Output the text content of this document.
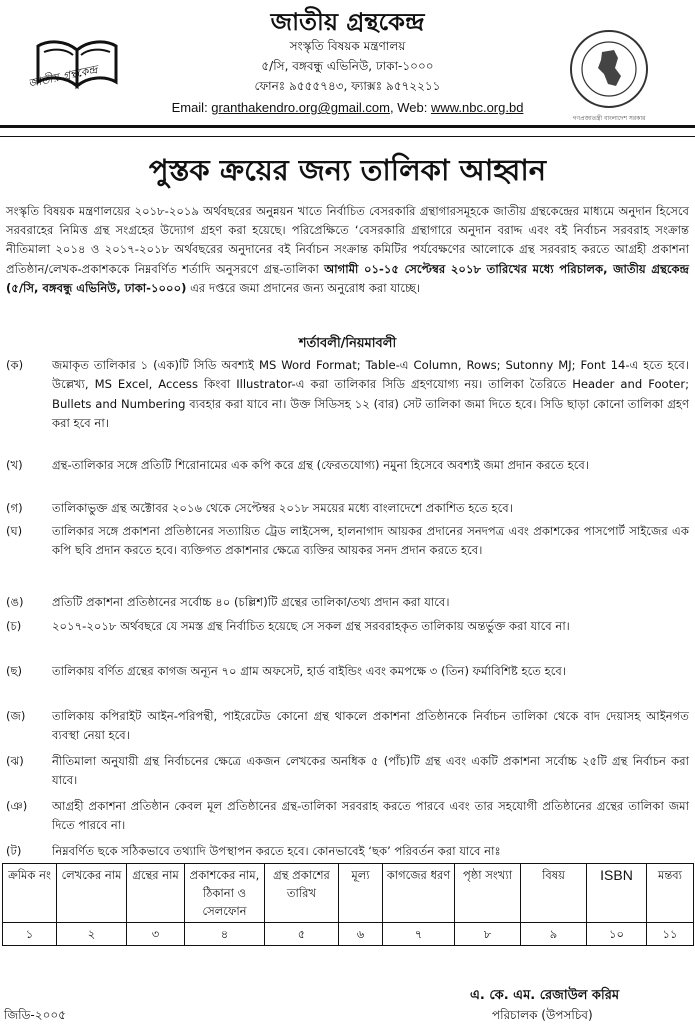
জাতীয় গ্রন্থকেন্দ্র
গণপ্রজাতন্ত্রী বাংলাদেশ সরকার
জাতীয় গ্রন্থকেন্দ্র
সংস্কৃতি বিষয়ক মন্ত্রণালয়
৫/সি, বঙ্গবন্ধু এভিনিউ, ঢাকা-১০০০
ফোনঃ ৯৫৫৫৭৪৩, ফ্যাক্সঃ ৯৫৭২২১১
Email: granthakendro.org@gmail.com, Web: www.nbc.org.bd
পুস্তক ক্রয়ের জন্য তালিকা আহ্বান
সংস্কৃতি বিষয়ক মন্ত্রণালয়ের ২০১৮-২০১৯ অর্থবছরের অনুন্নয়ন খাতে নির্বাচিত বেসরকারি গ্রন্থাগারসমূহকে জাতীয় গ্রন্থকেন্দ্রের মাধ্যমে অনুদান হিসেবে সরবরাহের নিমিত্ত গ্রন্থ সংগ্রহের উদ্যোগ গ্রহণ করা হয়েছে। পরিপ্রেক্ষিতে ‘বেসরকারি গ্রন্থাগারে অনুদান বরাদ্দ এবং বই নির্বাচন সরবরাহ সংক্রান্ত নীতিমালা ২০১৪ ও ২০১৭-২০১৮ অর্থবছরের অনুদানের বই নির্বাচন সংক্রান্ত কমিটির পর্যবেক্ষণের আলোকে গ্রন্থ সরবরাহ করতে আগ্রহী প্রকাশনা প্রতিষ্ঠান/লেখক-প্রকাশককে নিম্নবর্ণিত শর্তাদি অনুসরণে গ্রন্থ-তালিকা আগামী ০১-১৫ সেপ্টেম্বর ২০১৮ তারিখের মধ্যে পরিচালক, জাতীয় গ্রন্থকেন্দ্র (৫/সি, বঙ্গবন্ধু এভিনিউ, ঢাকা-১০০০) এর দপ্তরে জমা প্রদানের জন্য অনুরোধ করা যাচ্ছে।
শর্তাবলী/নিয়মাবলী
(ক)	জমাকৃত তালিকার ১ (এক)টি সিডি অবশ্যই MS Word Format; Table-এ Column, Rows; Sutonny MJ; Font 14-এ হতে হবে। উল্লেখ্য, MS Excel, Access কিংবা Illustrator-এ করা তালিকার সিডি গ্রহণযোগ্য নয়। তালিকা তৈরিতে Header and Footer; Bullets and Numbering ব্যবহার করা যাবে না। উক্ত সিডিসহ ১২ (বার) সেট তালিকা জমা দিতে হবে। সিডি ছাড়া কোনো তালিকা গ্রহণ করা হবে না।
(খ)	গ্রন্থ-তালিকার সঙ্গে প্রতিটি শিরোনামের এক কপি করে গ্রন্থ (ফেরতযোগ্য) নমুনা হিসেবে অবশ্যই জমা প্রদান করতে হবে।
(গ)	তালিকাভুক্ত গ্রন্থ অক্টোবর ২০১৬ থেকে সেপ্টেম্বর ২০১৮ সময়ের মধ্যে বাংলাদেশে প্রকাশিত হতে হবে।
(ঘ)	তালিকার সঙ্গে প্রকাশনা প্রতিষ্ঠানের সত্যায়িত ট্রেড লাইসেন্স, হালনাগাদ আয়কর প্রদানের সনদপত্র এবং প্রকাশকের পাসপোর্ট সাইজের এক কপি ছবি প্রদান করতে হবে। ব্যক্তিগত প্রকাশনার ক্ষেত্রে ব্যক্তির আয়কর সনদ প্রদান করতে হবে।
(ঙ)	প্রতিটি প্রকাশনা প্রতিষ্ঠানের সর্বোচ্চ ৪০ (চল্লিশ)টি গ্রন্থের তালিকা/তথ্য প্রদান করা যাবে।
(চ)	২০১৭-২০১৮ অর্থবছরে যে সমস্ত গ্রন্থ নির্বাচিত হয়েছে সে সকল গ্রন্থ সরবরাহকৃত তালিকায় অন্তর্ভুক্ত করা যাবে না।
(ছ)	তালিকায় বর্ণিত গ্রন্থের কাগজ অন্যূন ৭০ গ্রাম অফসেট, হার্ড বাইন্ডিং এবং কমপক্ষে ৩ (তিন) ফর্মাবিশিষ্ট হতে হবে।
(জ)	তালিকায় কপিরাইট আইন-পরিপন্থী, পাইরেটেড কোনো গ্রন্থ থাকলে প্রকাশনা প্রতিষ্ঠানকে নির্বাচন তালিকা থেকে বাদ দেয়াসহ আইনগত ব্যবস্থা নেয়া হবে।
(ঝ)	নীতিমালা অনুযায়ী গ্রন্থ নির্বাচনের ক্ষেত্রে একজন লেখকের অনধিক ৫ (পাঁচ)টি গ্রন্থ এবং একটি প্রকাশনা সর্বোচ্চ ২৫টি গ্রন্থ নির্বাচন করা যাবে।
(ঞ)	আগ্রহী প্রকাশনা প্রতিষ্ঠান কেবল মূল প্রতিষ্ঠানের গ্রন্থ-তালিকা সরবরাহ করতে পারবে এবং তার সহযোগী প্রতিষ্ঠানের গ্রন্থের তালিকা জমা দিতে পারবে না।
(ট)	নিম্নবর্ণিত ছকে সঠিকভাবে তথ্যাদি উপস্থাপন করতে হবে। কোনভাবেই ‘ছক’ পরিবর্তন করা যাবে নাঃ
ক্রমিক নং	লেখকের নাম	গ্রন্থের নাম	প্রকাশকের নাম, ঠিকানা ও সেলফোন	গ্রন্থ প্রকাশের তারিখ	মূল্য	কাগজের ধরণ	পৃষ্ঠা সংখ্যা	বিষয়	ISBN	মন্তব্য
১	২	৩	৪	৫	৬	৭	৮	৯	১০	১১
জিডি-২০০৫
এ. কে. এম. রেজাউল করিম
পরিচালক (উপসচিব)
